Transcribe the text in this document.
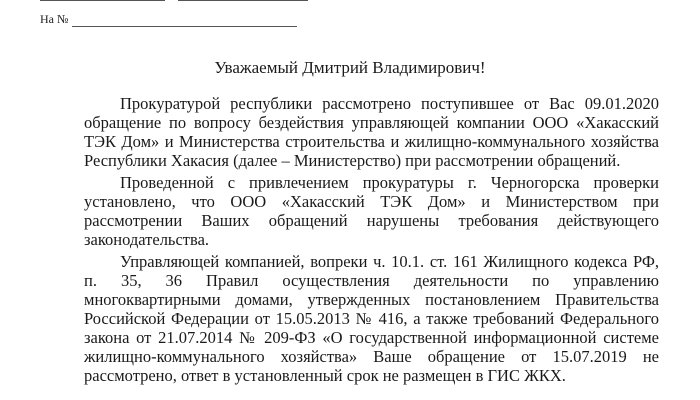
На №
Уважаемый Дмитрий Владимирович!

Прокуратурой республики рассмотрено поступившее от Вас 09.01.2020 обращение по вопросу бездействия управляющей компании ООО «Хакасский ТЭК Дом» и Министерства строительства и жилищно-коммунального хозяйства Республики Хакасия (далее – Министерство) при рассмотрении обращений.

Проведенной с привлечением прокуратуры г. Черногорска проверки установлено, что ООО «Хакасский ТЭК Дом» и Министерством при рассмотрении Ваших обращений нарушены требования действующего законодательства.

Управляющей компанией, вопреки ч. 10.1. ст. 161 Жилищного кодекса РФ, п. 35, 36 Правил осуществления деятельности по управлению многоквартирными домами, утвержденных постановлением Правительства Российской Федерации от 15.05.2013 № 416, а также требований Федерального закона от 21.07.2014 № 209-ФЗ «О государственной информационной системе жилищно-коммунального хозяйства» Ваше обращение от 15.07.2019 не рассмотрено, ответ в установленный срок не размещен в ГИС ЖКХ.
